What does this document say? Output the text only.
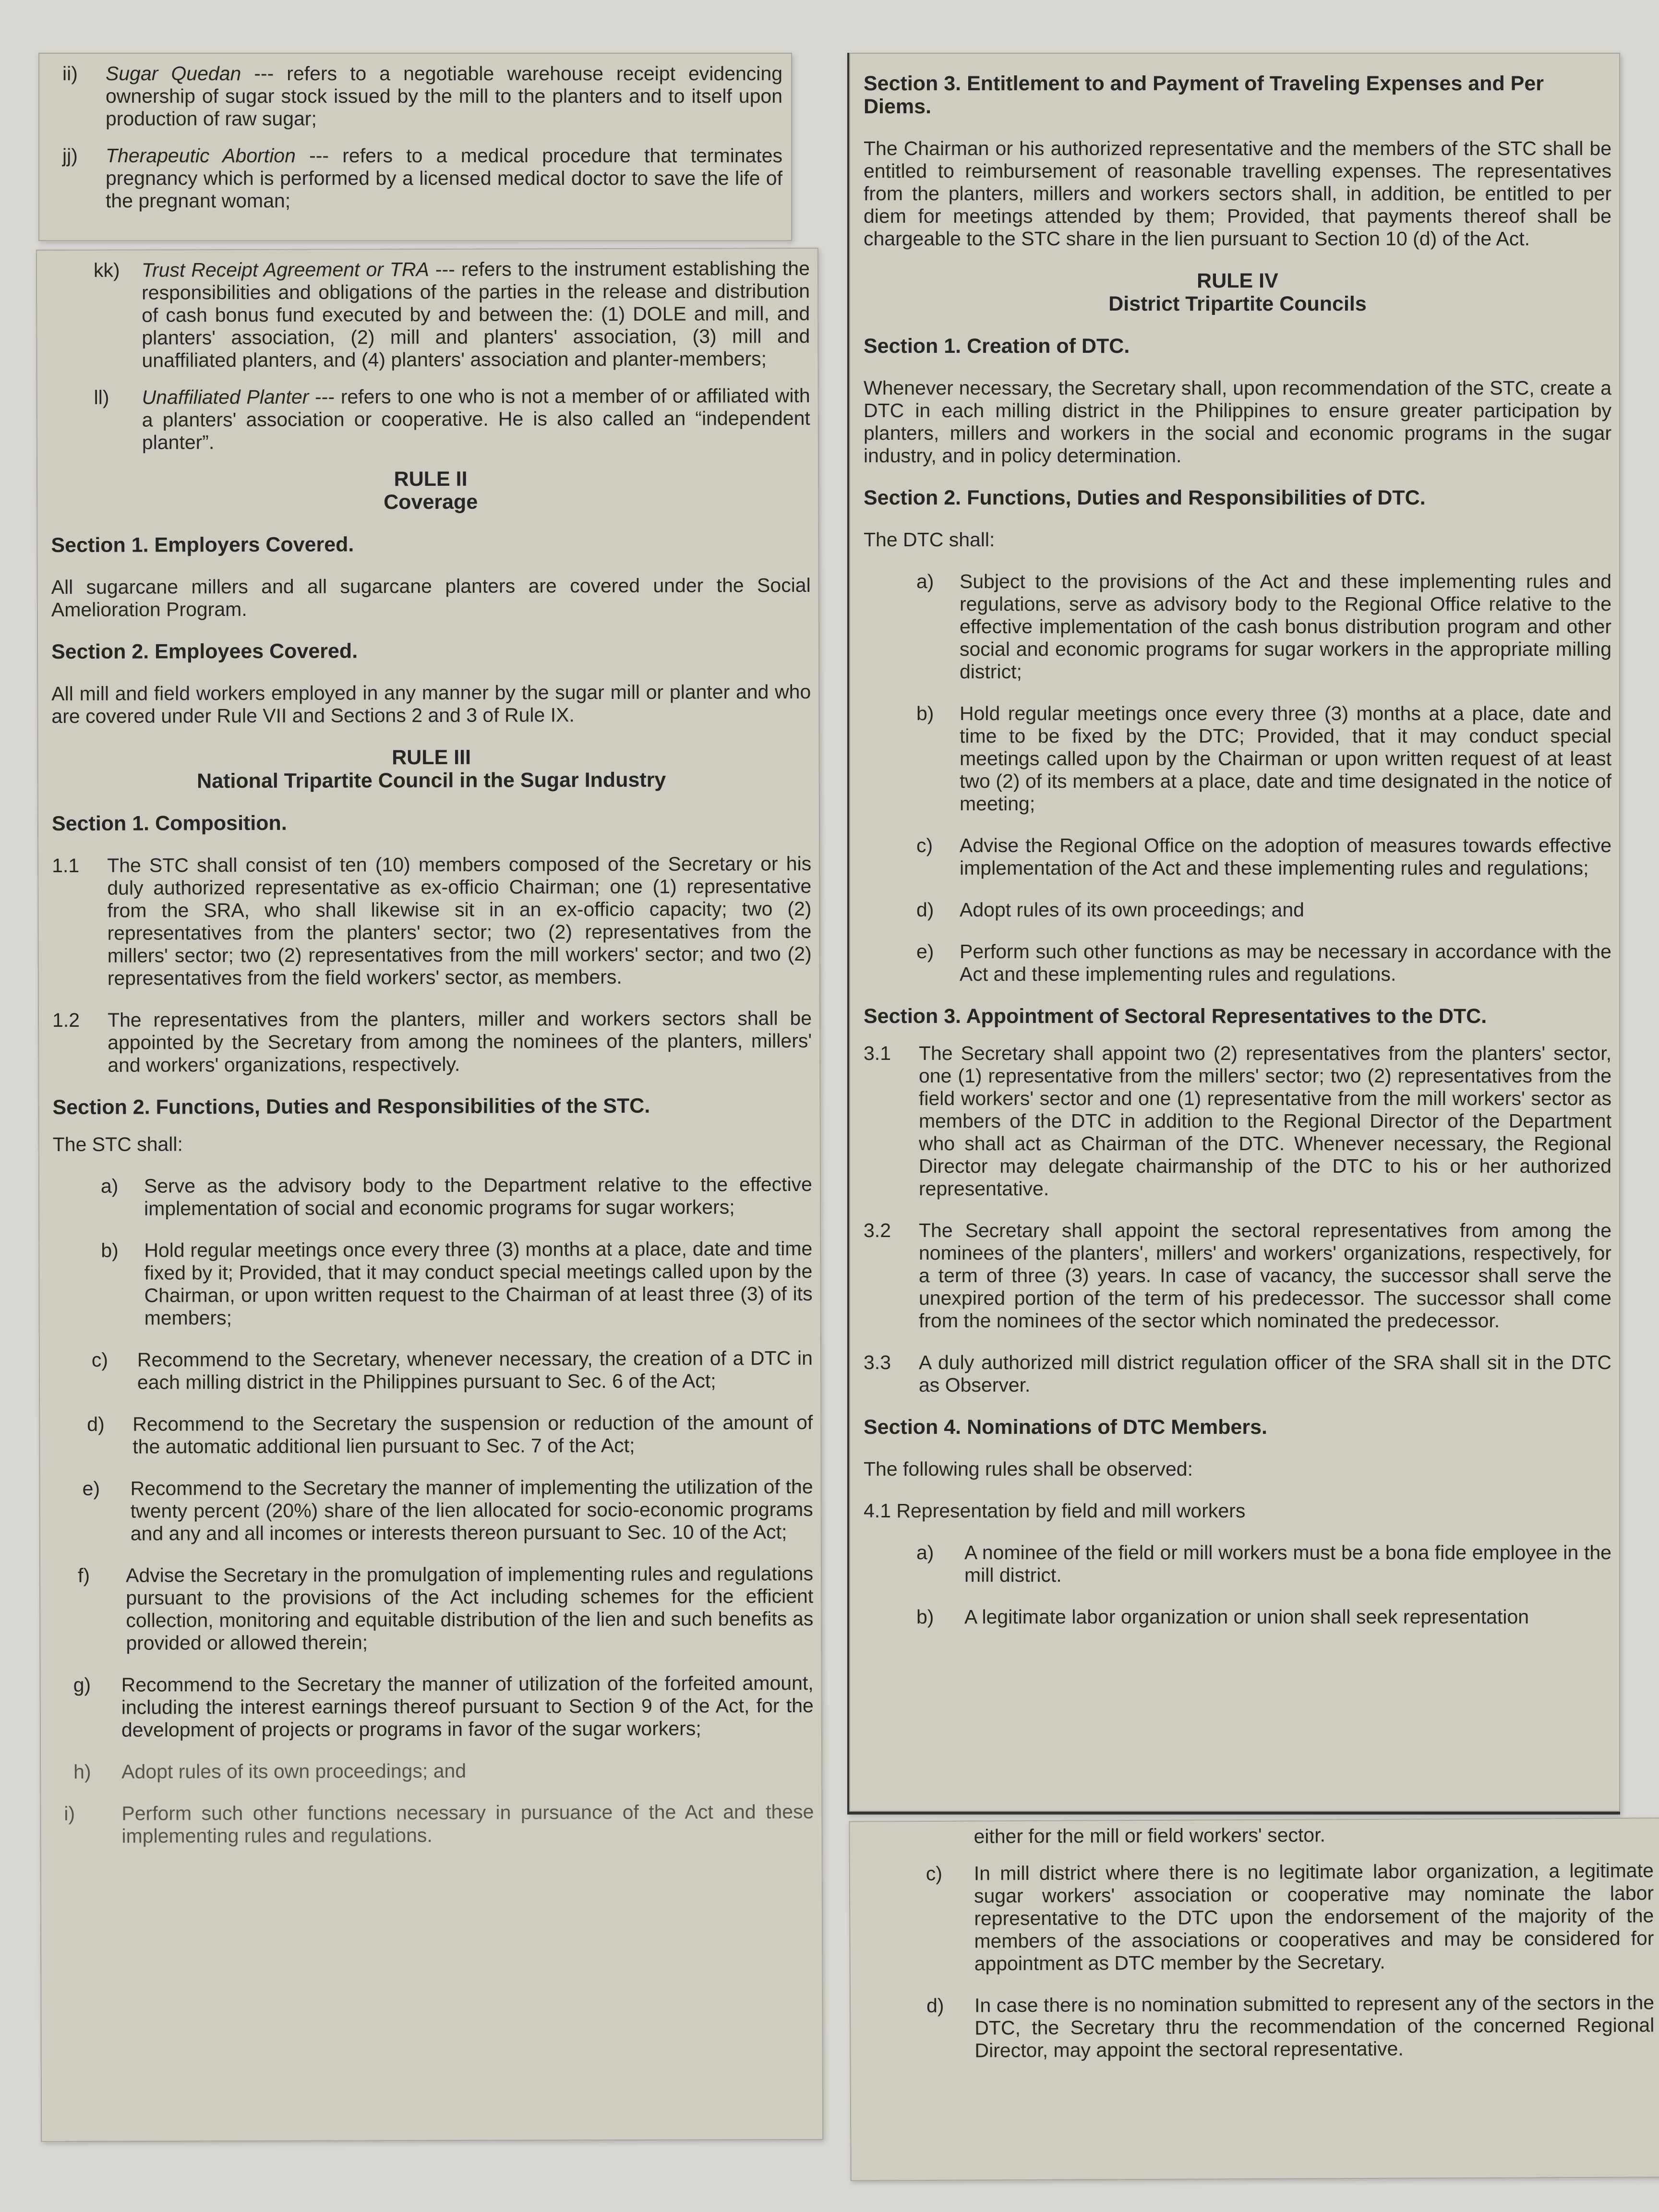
ii)	Sugar Quedan --- refers to a negotiable warehouse receipt evidencing ownership of sugar stock issued by the mill to the planters and to itself upon production of raw sugar;
jj)	Therapeutic Abortion --- refers to a medical procedure that terminates pregnancy which is performed by a licensed medical doctor to save the life of the pregnant woman;
kk)	Trust Receipt Agreement or TRA --- refers to the instrument establishing the responsibilities and obligations of the parties in the release and distribution of cash bonus fund executed by and between the: (1) DOLE and mill, and planters' association, (2) mill and planters' association, (3) mill and unaffiliated planters, and (4) planters' association and planter-members;
ll)	Unaffiliated Planter --- refers to one who is not a member of or affiliated with a planters' association or cooperative. He is also called an “independent planter”.

RULE II

Coverage

Section 1. Employers Covered.

All sugarcane millers and all sugarcane planters are covered under the Social Amelioration Program.

Section 2. Employees Covered.

All mill and field workers employed in any manner by the sugar mill or planter and who are covered under Rule VII and Sections 2 and 3 of Rule IX.

RULE III

National Tripartite Council in the Sugar Industry

Section 1. Composition.

1.1	The STC shall consist of ten (10) members composed of the Secretary or his duly authorized representative as ex-officio Chairman; one (1) representative from the SRA, who shall likewise sit in an ex-officio capacity; two (2) representatives from the planters' sector; two (2) representatives from the millers' sector; two (2) representatives from the mill workers' sector; and two (2) representatives from the field workers' sector, as members.
1.2	The representatives from the planters, miller and workers sectors shall be appointed by the Secretary from among the nominees of the planters, millers' and workers' organizations, respectively.

Section 2. Functions, Duties and Responsibilities of the STC.

The STC shall:

a)	Serve as the advisory body to the Department relative to the effective implementation of social and economic programs for sugar workers;
b)	Hold regular meetings once every three (3) months at a place, date and time fixed by it; Provided, that it may conduct special meetings called upon by the Chairman, or upon written request to the Chairman of at least three (3) of its members;
c)	Recommend to the Secretary, whenever necessary, the creation of a DTC in each milling district in the Philippines pursuant to Sec. 6 of the Act;
d)	Recommend to the Secretary the suspension or reduction of the amount of the automatic additional lien pursuant to Sec. 7 of the Act;
e)	Recommend to the Secretary the manner of implementing the utilization of the twenty percent (20%) share of the lien allocated for socio-economic programs and any and all incomes or interests thereon pursuant to Sec. 10 of the Act;
f)	Advise the Secretary in the promulgation of implementing rules and regulations pursuant to the provisions of the Act including schemes for the efficient collection, monitoring and equitable distribution of the lien and such benefits as provided or allowed therein;
g)	Recommend to the Secretary the manner of utilization of the forfeited amount, including the interest earnings thereof pursuant to Section 9 of the Act, for the development of projects or programs in favor of the sugar workers;
h)	Adopt rules of its own proceedings; and
i)	Perform such other functions necessary in pursuance of the Act and these implementing rules and regulations.

Section 3. Entitlement to and Payment of Traveling Expenses and Per Diems.

The Chairman or his authorized representative and the members of the STC shall be entitled to reimbursement of reasonable travelling expenses. The representatives from the planters, millers and workers sectors shall, in addition, be entitled to per diem for meetings attended by them; Provided, that payments thereof shall be chargeable to the STC share in the lien pursuant to Section 10 (d) of the Act.

RULE IV

District Tripartite Councils

Section 1. Creation of DTC.

Whenever necessary, the Secretary shall, upon recommendation of the STC, create a DTC in each milling district in the Philippines to ensure greater participation by planters, millers and workers in the social and economic programs in the sugar industry, and in policy determination.

Section 2. Functions, Duties and Responsibilities of DTC.

The DTC shall:

a)	Subject to the provisions of the Act and these implementing rules and regulations, serve as advisory body to the Regional Office relative to the effective implementation of the cash bonus distribution program and other social and economic programs for sugar workers in the appropriate milling district;
b)	Hold regular meetings once every three (3) months at a place, date and time to be fixed by the DTC; Provided, that it may conduct special meetings called upon by the Chairman or upon written request of at least two (2) of its members at a place, date and time designated in the notice of meeting;
c)	Advise the Regional Office on the adoption of measures towards effective implementation of the Act and these implementing rules and regulations;
d)	Adopt rules of its own proceedings; and
e)	Perform such other functions as may be necessary in accordance with the Act and these implementing rules and regulations.

Section 3. Appointment of Sectoral Representatives to the DTC.

3.1	The Secretary shall appoint two (2) representatives from the planters' sector, one (1) representative from the millers' sector; two (2) representatives from the field workers' sector and one (1) representative from the mill workers' sector as members of the DTC in addition to the Regional Director of the Department who shall act as Chairman of the DTC. Whenever necessary, the Regional Director may delegate chairmanship of the DTC to his or her authorized representative.
3.2	The Secretary shall appoint the sectoral representatives from among the nominees of the planters', millers' and workers' organizations, respectively, for a term of three (3) years. In case of vacancy, the successor shall serve the unexpired portion of the term of his predecessor. The successor shall come from the nominees of the sector which nominated the predecessor.
3.3	A duly authorized mill district regulation officer of the SRA shall sit in the DTC as Observer.

Section 4. Nominations of DTC Members.

The following rules shall be observed:

4.1 Representation by field and mill workers

a)	A nominee of the field or mill workers must be a bona fide employee in the mill district.
b)	A legitimate labor organization or union shall seek representation

either for the mill or field workers' sector.

c)	In mill district where there is no legitimate labor organization, a legitimate sugar workers' association or cooperative may nominate the labor representative to the DTC upon the endorsement of the majority of the members of the associations or cooperatives and may be considered for appointment as DTC member by the Secretary.
d)	In case there is no nomination submitted to represent any of the sectors in the DTC, the Secretary thru the recommendation of the concerned Regional Director, may appoint the sectoral representative.
